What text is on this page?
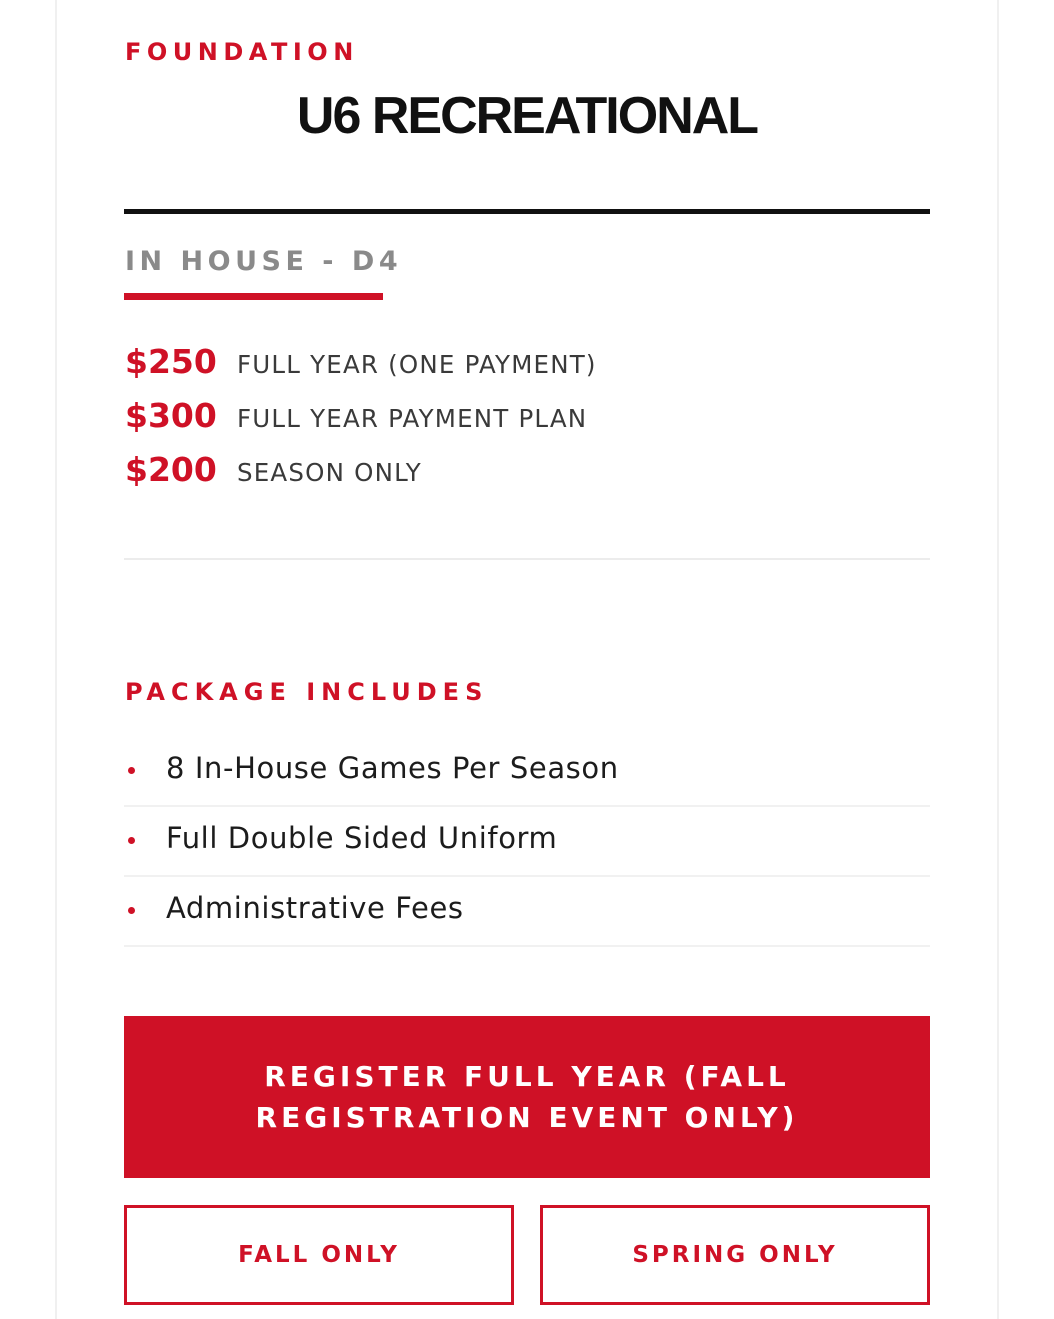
FOUNDATION
U6 RECREATIONAL
IN HOUSE - D4
$250 FULL YEAR (ONE PAYMENT)
$300 FULL YEAR PAYMENT PLAN
$200 SEASON ONLY
PACKAGE INCLUDES
8 In-House Games Per Season
Full Double Sided Uniform
Administrative Fees
REGISTER FULL YEAR (FALL REGISTRATION EVENT ONLY)
FALL ONLY	SPRING ONLY
